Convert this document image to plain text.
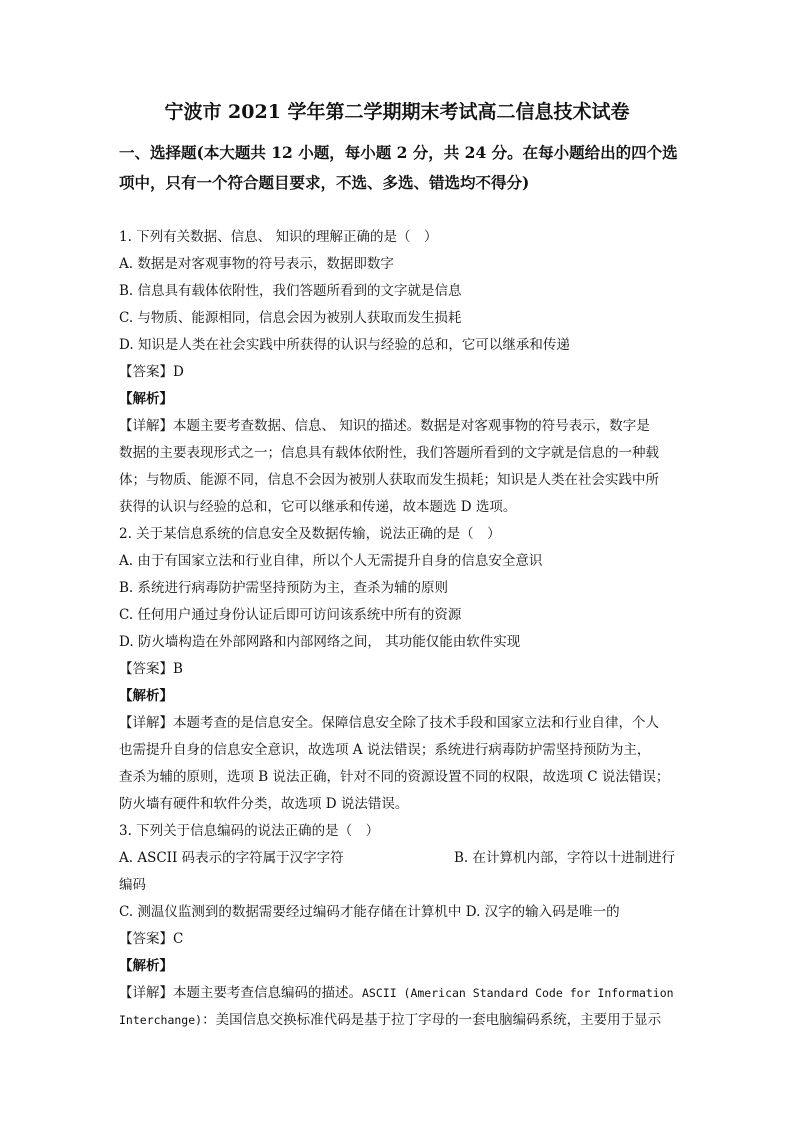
宁波市 2021 学年第二学期期末考试高二信息技术试卷
一、选择题(本大题共 12 小题，每小题 2 分，共 24 分。在每小题给出的四个选
项中，只有一个符合题目要求，不选、多选、错选均不得分)
1. 下列有关数据、信息、 知识的理解正确的是（　）
A. 数据是对客观事物的符号表示，数据即数字
B. 信息具有载体依附性，我们答题所看到的文字就是信息
C. 与物质、能源相同，信息会因为被别人获取而发生损耗
D. 知识是人类在社会实践中所获得的认识与经验的总和，它可以继承和传递
【答案】D
【解析】
【详解】本题主要考查数据、信息、 知识的描述。数据是对客观事物的符号表示，数字是
数据的主要表现形式之一；信息具有载体依附性，我们答题所看到的文字就是信息的一种载
体；与物质、能源不同，信息不会因为被别人获取而发生损耗；知识是人类在社会实践中所
获得的认识与经验的总和，它可以继承和传递，故本题选 D 选项。
2. 关于某信息系统的信息安全及数据传输，说法正确的是（　）
A. 由于有国家立法和行业自律，所以个人无需提升自身的信息安全意识
B. 系统进行病毒防护需坚持预防为主，查杀为辅的原则
C. 任何用户通过身份认证后即可访问该系统中所有的资源
D. 防火墙构造在外部网路和内部网络之间， 其功能仅能由软件实现
【答案】B
【解析】
【详解】本题考查的是信息安全。保障信息安全除了技术手段和国家立法和行业自律，个人
也需提升自身的信息安全意识，故选项 A 说法错误；系统进行病毒防护需坚持预防为主，
查杀为辅的原则，选项 B 说法正确，针对不同的资源设置不同的权限，故选项 C 说法错误；
防火墙有硬件和软件分类，故选项 D 说法错误。
3. 下列关于信息编码的说法正确的是（　）
A. ASCII 码表示的字符属于汉字字符	B. 在计算机内部，字符以十进制进行
编码
C. 测温仪监测到的数据需要经过编码才能存储在计算机中 D. 汉字的输入码是唯一的
【答案】C
【解析】
【详解】本题主要考查信息编码的描述。ASCII (American Standard Code for Information
Interchange)：美国信息交换标准代码是基于拉丁字母的一套电脑编码系统，主要用于显示
